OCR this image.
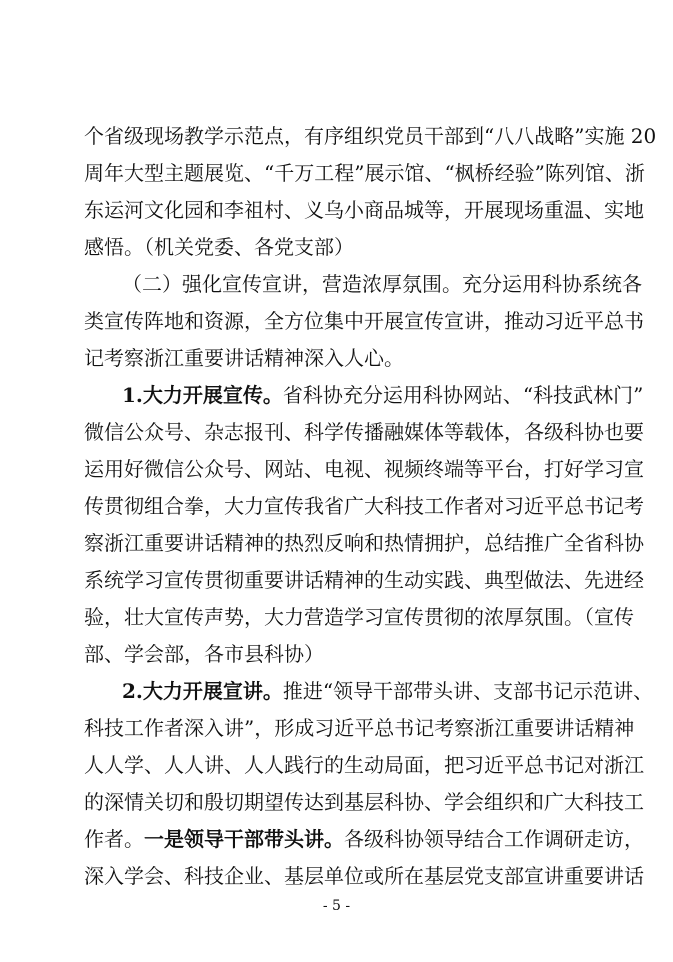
个省级现场教学示范点，有序组织党员干部到“八八战略”实施 20
周年大型主题展览、“千万工程”展示馆、“枫桥经验”陈列馆、浙
东运河文化园和李祖村、义乌小商品城等，开展现场重温、实地
感悟。（机关党委、各党支部）
（二）强化宣传宣讲，营造浓厚氛围。充分运用科协系统各
类宣传阵地和资源，全方位集中开展宣传宣讲，推动习近平总书
记考察浙江重要讲话精神深入人心。
1.大力开展宣传。省科协充分运用科协网站、“科技武林门”
微信公众号、杂志报刊、科学传播融媒体等载体，各级科协也要
运用好微信公众号、网站、电视、视频终端等平台，打好学习宣
传贯彻组合拳，大力宣传我省广大科技工作者对习近平总书记考
察浙江重要讲话精神的热烈反响和热情拥护，总结推广全省科协
系统学习宣传贯彻重要讲话精神的生动实践、典型做法、先进经
验，壮大宣传声势，大力营造学习宣传贯彻的浓厚氛围。（宣传
部、学会部，各市县科协）
2.大力开展宣讲。推进“领导干部带头讲、支部书记示范讲、
科技工作者深入讲”，形成习近平总书记考察浙江重要讲话精神
人人学、人人讲、人人践行的生动局面，把习近平总书记对浙江
的深情关切和殷切期望传达到基层科协、学会组织和广大科技工
作者。一是领导干部带头讲。各级科协领导结合工作调研走访，
深入学会、科技企业、基层单位或所在基层党支部宣讲重要讲话
- 5 -
